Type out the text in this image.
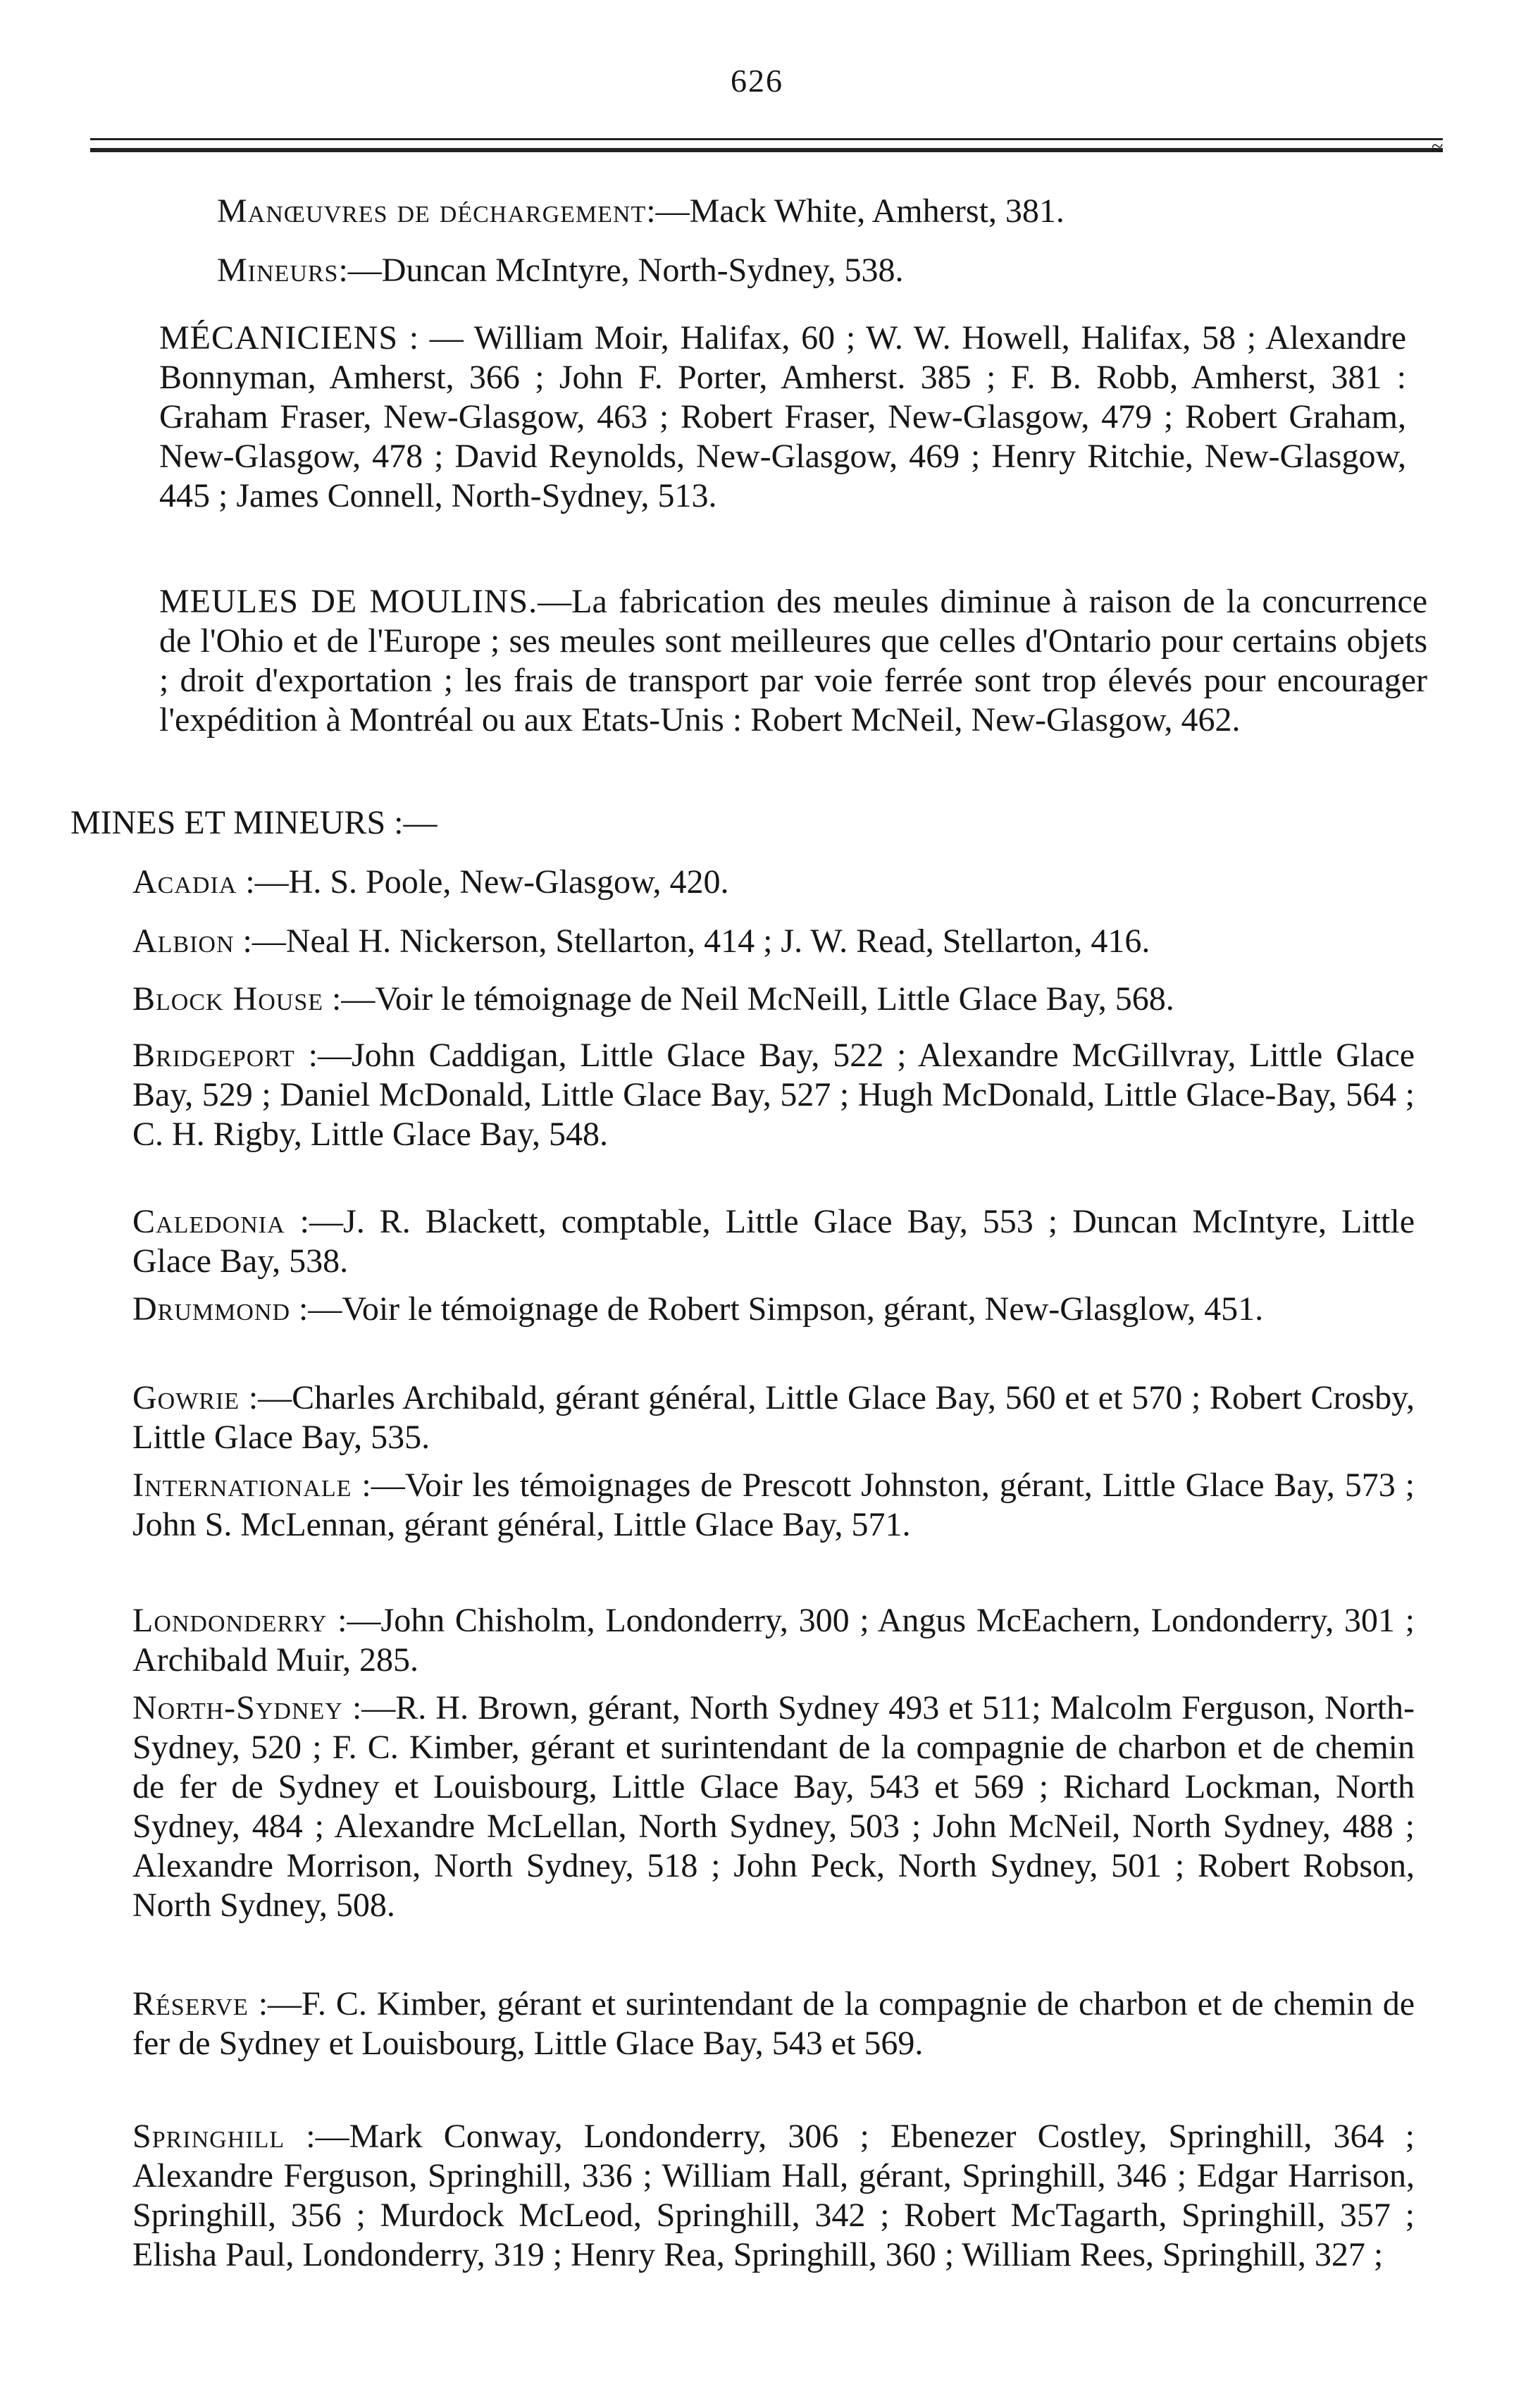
626
≈

Manœuvres de déchargement:—Mack White, Amherst, 381.

Mineurs:—Duncan McIntyre, North-Sydney, 538.

MÉCANICIENS : — William Moir, Halifax, 60 ; W. W. Howell, Halifax, 58 ; Alexandre Bonnyman, Amherst, 366 ; John F. Porter, Amherst. 385 ; F. B. Robb, Amherst, 381 : Graham Fraser, New-Glasgow, 463 ; Robert Fraser, New-Glasgow, 479 ; Robert Graham, New-Glasgow, 478 ; David Reynolds, New-Glasgow, 469 ; Henry Ritchie, New-Glasgow, 445 ; James Connell, North-Sydney, 513.

MEULES DE MOULINS.—La fabrication des meules diminue à raison de la concurrence de l'Ohio et de l'Europe ; ses meules sont meilleures que celles d'Ontario pour certains objets ; droit d'exportation ; les frais de transport par voie ferrée sont trop élevés pour encourager l'expédition à Montréal ou aux Etats-Unis : Robert McNeil, New-Glasgow, 462.

MINES ET MINEURS :—

Acadia :—H. S. Poole, New-Glasgow, 420.

Albion :—Neal H. Nickerson, Stellarton, 414 ; J. W. Read, Stellarton, 416.

Block House :—Voir le témoignage de Neil McNeill, Little Glace Bay, 568.

Bridgeport :—John Caddigan, Little Glace Bay, 522 ; Alexandre McGillvray, Little Glace Bay, 529 ; Daniel McDonald, Little Glace Bay, 527 ; Hugh McDonald, Little Glace-Bay, 564 ; C. H. Rigby, Little Glace Bay, 548.

Caledonia :—J. R. Blackett, comptable, Little Glace Bay, 553 ; Duncan McIntyre, Little Glace Bay, 538.

Drummond :—Voir le témoignage de Robert Simpson, gérant, New-Glasglow, 451.

Gowrie :—Charles Archibald, gérant général, Little Glace Bay, 560 et et 570 ; Robert Crosby, Little Glace Bay, 535.

Internationale :—Voir les témoignages de Prescott Johnston, gérant, Little Glace Bay, 573 ; John S. McLennan, gérant général, Little Glace Bay, 571.

Londonderry :—John Chisholm, Londonderry, 300 ; Angus McEachern, Londonderry, 301 ; Archibald Muir, 285.

North-Sydney :—R. H. Brown, gérant, North Sydney 493 et 511; Malcolm Ferguson, North-Sydney, 520 ; F. C. Kimber, gérant et surintendant de la compagnie de charbon et de chemin de fer de Sydney et Louisbourg, Little Glace Bay, 543 et 569 ; Richard Lockman, North Sydney, 484 ; Alexandre McLellan, North Sydney, 503 ; John McNeil, North Sydney, 488 ; Alexandre Morrison, North Sydney, 518 ; John Peck, North Sydney, 501 ; Robert Robson, North Sydney, 508.

Réserve :—F. C. Kimber, gérant et surintendant de la compagnie de charbon et de chemin de fer de Sydney et Louisbourg, Little Glace Bay, 543 et 569.

Springhill :—Mark Conway, Londonderry, 306 ; Ebenezer Costley, Springhill, 364 ; Alexandre Ferguson, Springhill, 336 ; William Hall, gérant, Springhill, 346 ; Edgar Harrison, Springhill, 356 ; Murdock McLeod, Springhill, 342 ; Robert McTagarth, Springhill, 357 ; Elisha Paul, Londonderry, 319 ; Henry Rea, Springhill, 360 ; William Rees, Springhill, 327 ;
